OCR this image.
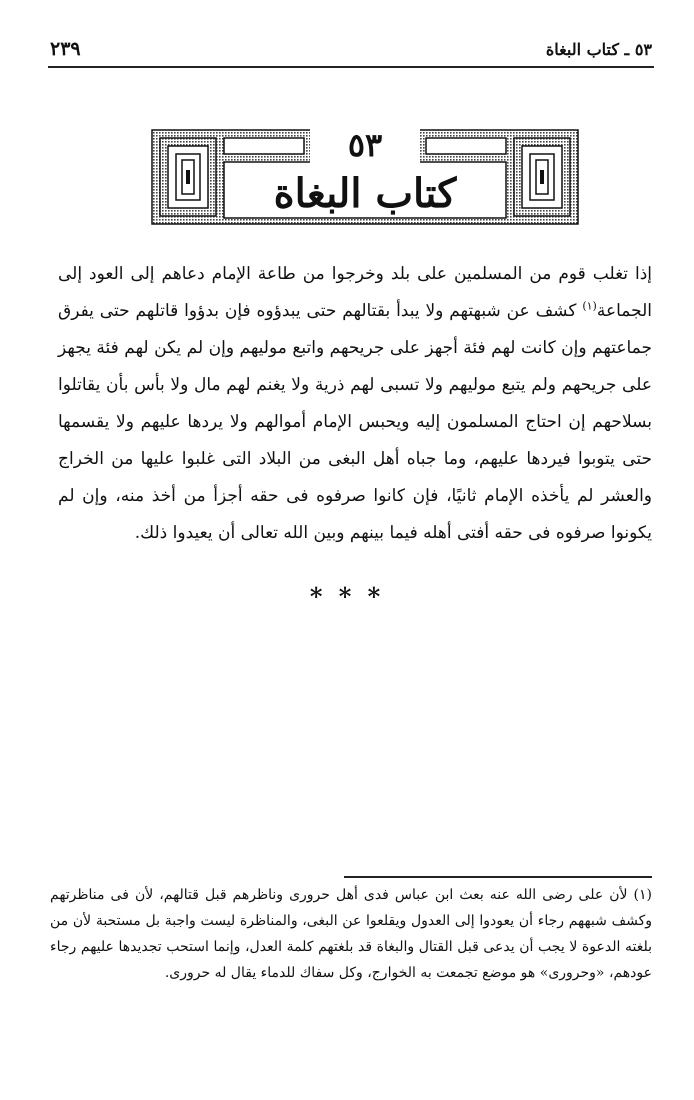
٥٣ ـ كتاب البغاة
٢٣٩
٥٣
كتاب البغاة

إذا تغلب قوم من المسلمين على بلد وخرجوا من طاعة الإمام دعاهم إلى العود إلى الجماعة$^{(١)}$ كشف عن شبهتهم ولا يبدأ بقتالهم حتى يبدؤوه فإن بدؤوا قاتلهم حتى يفرق جماعتهم وإن كانت لهم فئة أجهز على جريحهم واتبع موليهم وإن لم يكن لهم فئة يجهز على جريحهم ولم يتبع موليهم ولا تسبى لهم ذرية ولا يغنم لهم مال ولا بأس بأن يقاتلوا بسلاحهم إن احتاج المسلمون إليه ويحبس الإمام أموالهم ولا يردها عليهم ولا يقسمها حتى يتوبوا فيردها عليهم، وما جباه أهل البغى من البلاد التى غلبوا عليها من الخراج والعشر لم يأخذه الإمام ثانيًا، فإن كانوا صرفوه فى حقه أجزأ من أخذ منه، وإن لم يكونوا صرفوه فى حقه أفتى أهله فيما بينهم وبين الله تعالى أن يعيدوا ذلك.

* * *

(١) لأن على رضى الله عنه بعث ابن عباس فدى أهل حرورى وناظرهم قبل قتالهم، لأن فى مناظرتهم وكشف شبههم رجاء أن يعودوا إلى العدول ويقلعوا عن البغى، والمناظرة ليست واجبة بل مستحبة لأن من بلغته الدعوة لا يجب أن يدعى قبل القتال والبغاة قد بلغتهم كلمة العدل، وإنما استحب تجديدها عليهم رجاء عودهم، «وحرورى» هو موضع تجمعت به الخوارج، وكل سفاك للدماء يقال له حرورى.
